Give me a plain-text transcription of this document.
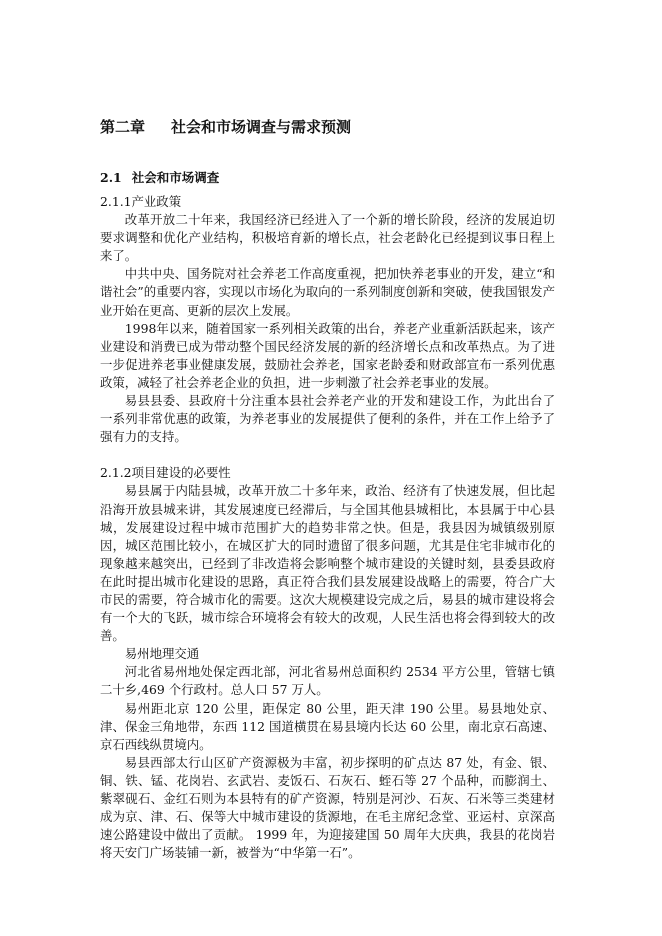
第二章 社会和市场调查与需求预测
2.1 社会和市场调查
2.1.1产业政策

改革开放二十年来，我国经济已经进入了一个新的增长阶段，经济的发展迫切要求调整和优化产业结构，积极培育新的增长点，社会老龄化已经提到议事日程上来了。

中共中央、国务院对社会养老工作高度重视，把加快养老事业的开发，建立“和谐社会”的重要内容，实现以市场化为取向的一系列制度创新和突破，使我国银发产业开始在更高、更新的层次上发展。

1998年以来，随着国家一系列相关政策的出台，养老产业重新活跃起来，该产业建设和消费已成为带动整个国民经济发展的新的经济增长点和改革热点。为了进一步促进养老事业健康发展，鼓励社会养老，国家老龄委和财政部宣布一系列优惠政策，减轻了社会养老企业的负担，进一步刺激了社会养老事业的发展。

易县县委、县政府十分注重本县社会养老产业的开发和建设工作，为此出台了一系列非常优惠的政策，为养老事业的发展提供了便利的条件，并在工作上给予了强有力的支持。

2.1.2项目建设的必要性

易县属于内陆县城，改革开放二十多年来，政治、经济有了快速发展，但比起沿海开放县城来讲，其发展速度已经滞后，与全国其他县城相比，本县属于中心县城，发展建设过程中城市范围扩大的趋势非常之快。但是，我县因为城镇级别原因，城区范围比较小，在城区扩大的同时遗留了很多问题，尤其是住宅非城市化的现象越来越突出，已经到了非改造将会影响整个城市建设的关键时刻，县委县政府在此时提出城市化建设的思路，真正符合我们县发展建设战略上的需要，符合广大市民的需要，符合城市化的需要。这次大规模建设完成之后，易县的城市建设将会有一个大的飞跃，城市综合环境将会有较大的改观，人民生活也将会得到较大的改善。

易州地理交通

河北省易州地处保定西北部，河北省易州总面积约 2534 平方公里，管辖七镇二十乡,469 个行政村。总人口 57 万人。

易州距北京 120 公里，距保定 80 公里，距天津 190 公里。易县地处京、津、保金三角地带，东西 112 国道横贯在易县境内长达 60 公里，南北京石高速、京石西线纵贯境内。

易县西部太行山区矿产资源极为丰富，初步探明的矿点达 87 处，有金、银、铜、铁、锰、花岗岩、玄武岩、麦饭石、石灰石、蛭石等 27 个品种，而膨润土、紫翠砚石、金红石则为本县特有的矿产资源，特别是河沙、石灰、石米等三类建材成为京、津、石、保等大中城市建设的货源地，在毛主席纪念堂、亚运村、京深高速公路建设中做出了贡献。 1999 年，为迎接建国 50 周年大庆典，我县的花岗岩将天安门广场装铺一新，被誉为“中华第一石”。
